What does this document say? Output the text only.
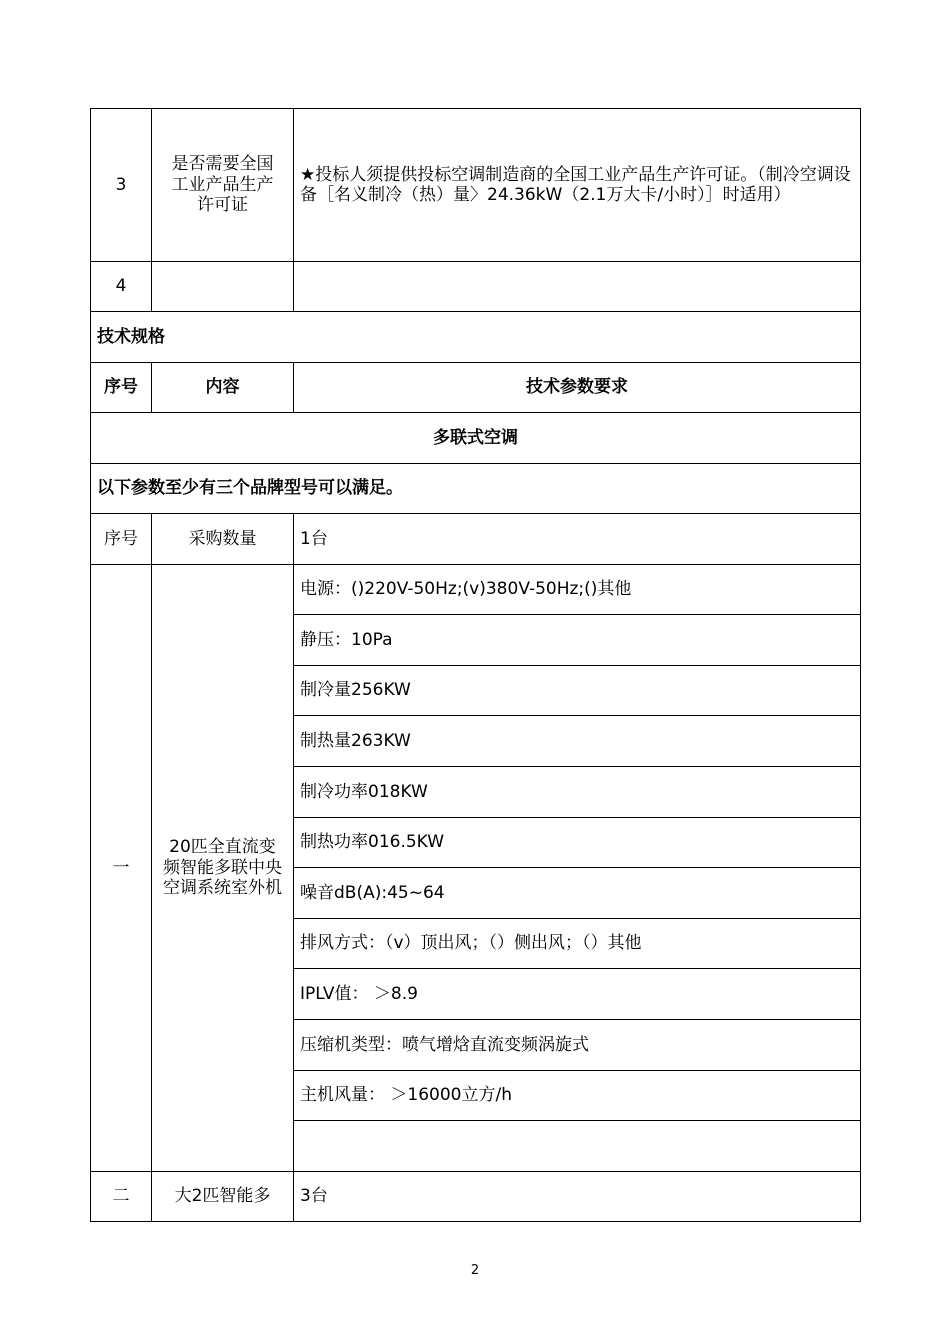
3	是否需要全国
工业产品生产
许可证	★投标人须提供投标空调制造商的全国工业产品生产许可证。（制冷空调设备［名义制冷（热）量〉24.36kW（2.1万大卡/小时）］时适用）
4		
技术规格		
序号	内容	技术参数要求
多联式空调		
以下参数至少有三个品牌型号可以满足。		
序号	采购数量	1台
一	20匹全直流变
频智能多联中央
空调系统室外机	电源：()220V-50Hz;(v)380V-50Hz;()其他
		静压：10Pa
		制冷量256KW
		制热量263KW
		制冷功率018KW
		制热功率016.5KW
		噪音dB(A):45~64
		排风方式：（v）顶出风；（）侧出风；（）其他
		IPLV值： ＞8.9
		压缩机类型：喷气增焓直流变频涡旋式
		主机风量： ＞16000立方/h

二	大2匹智能多	3台
2
